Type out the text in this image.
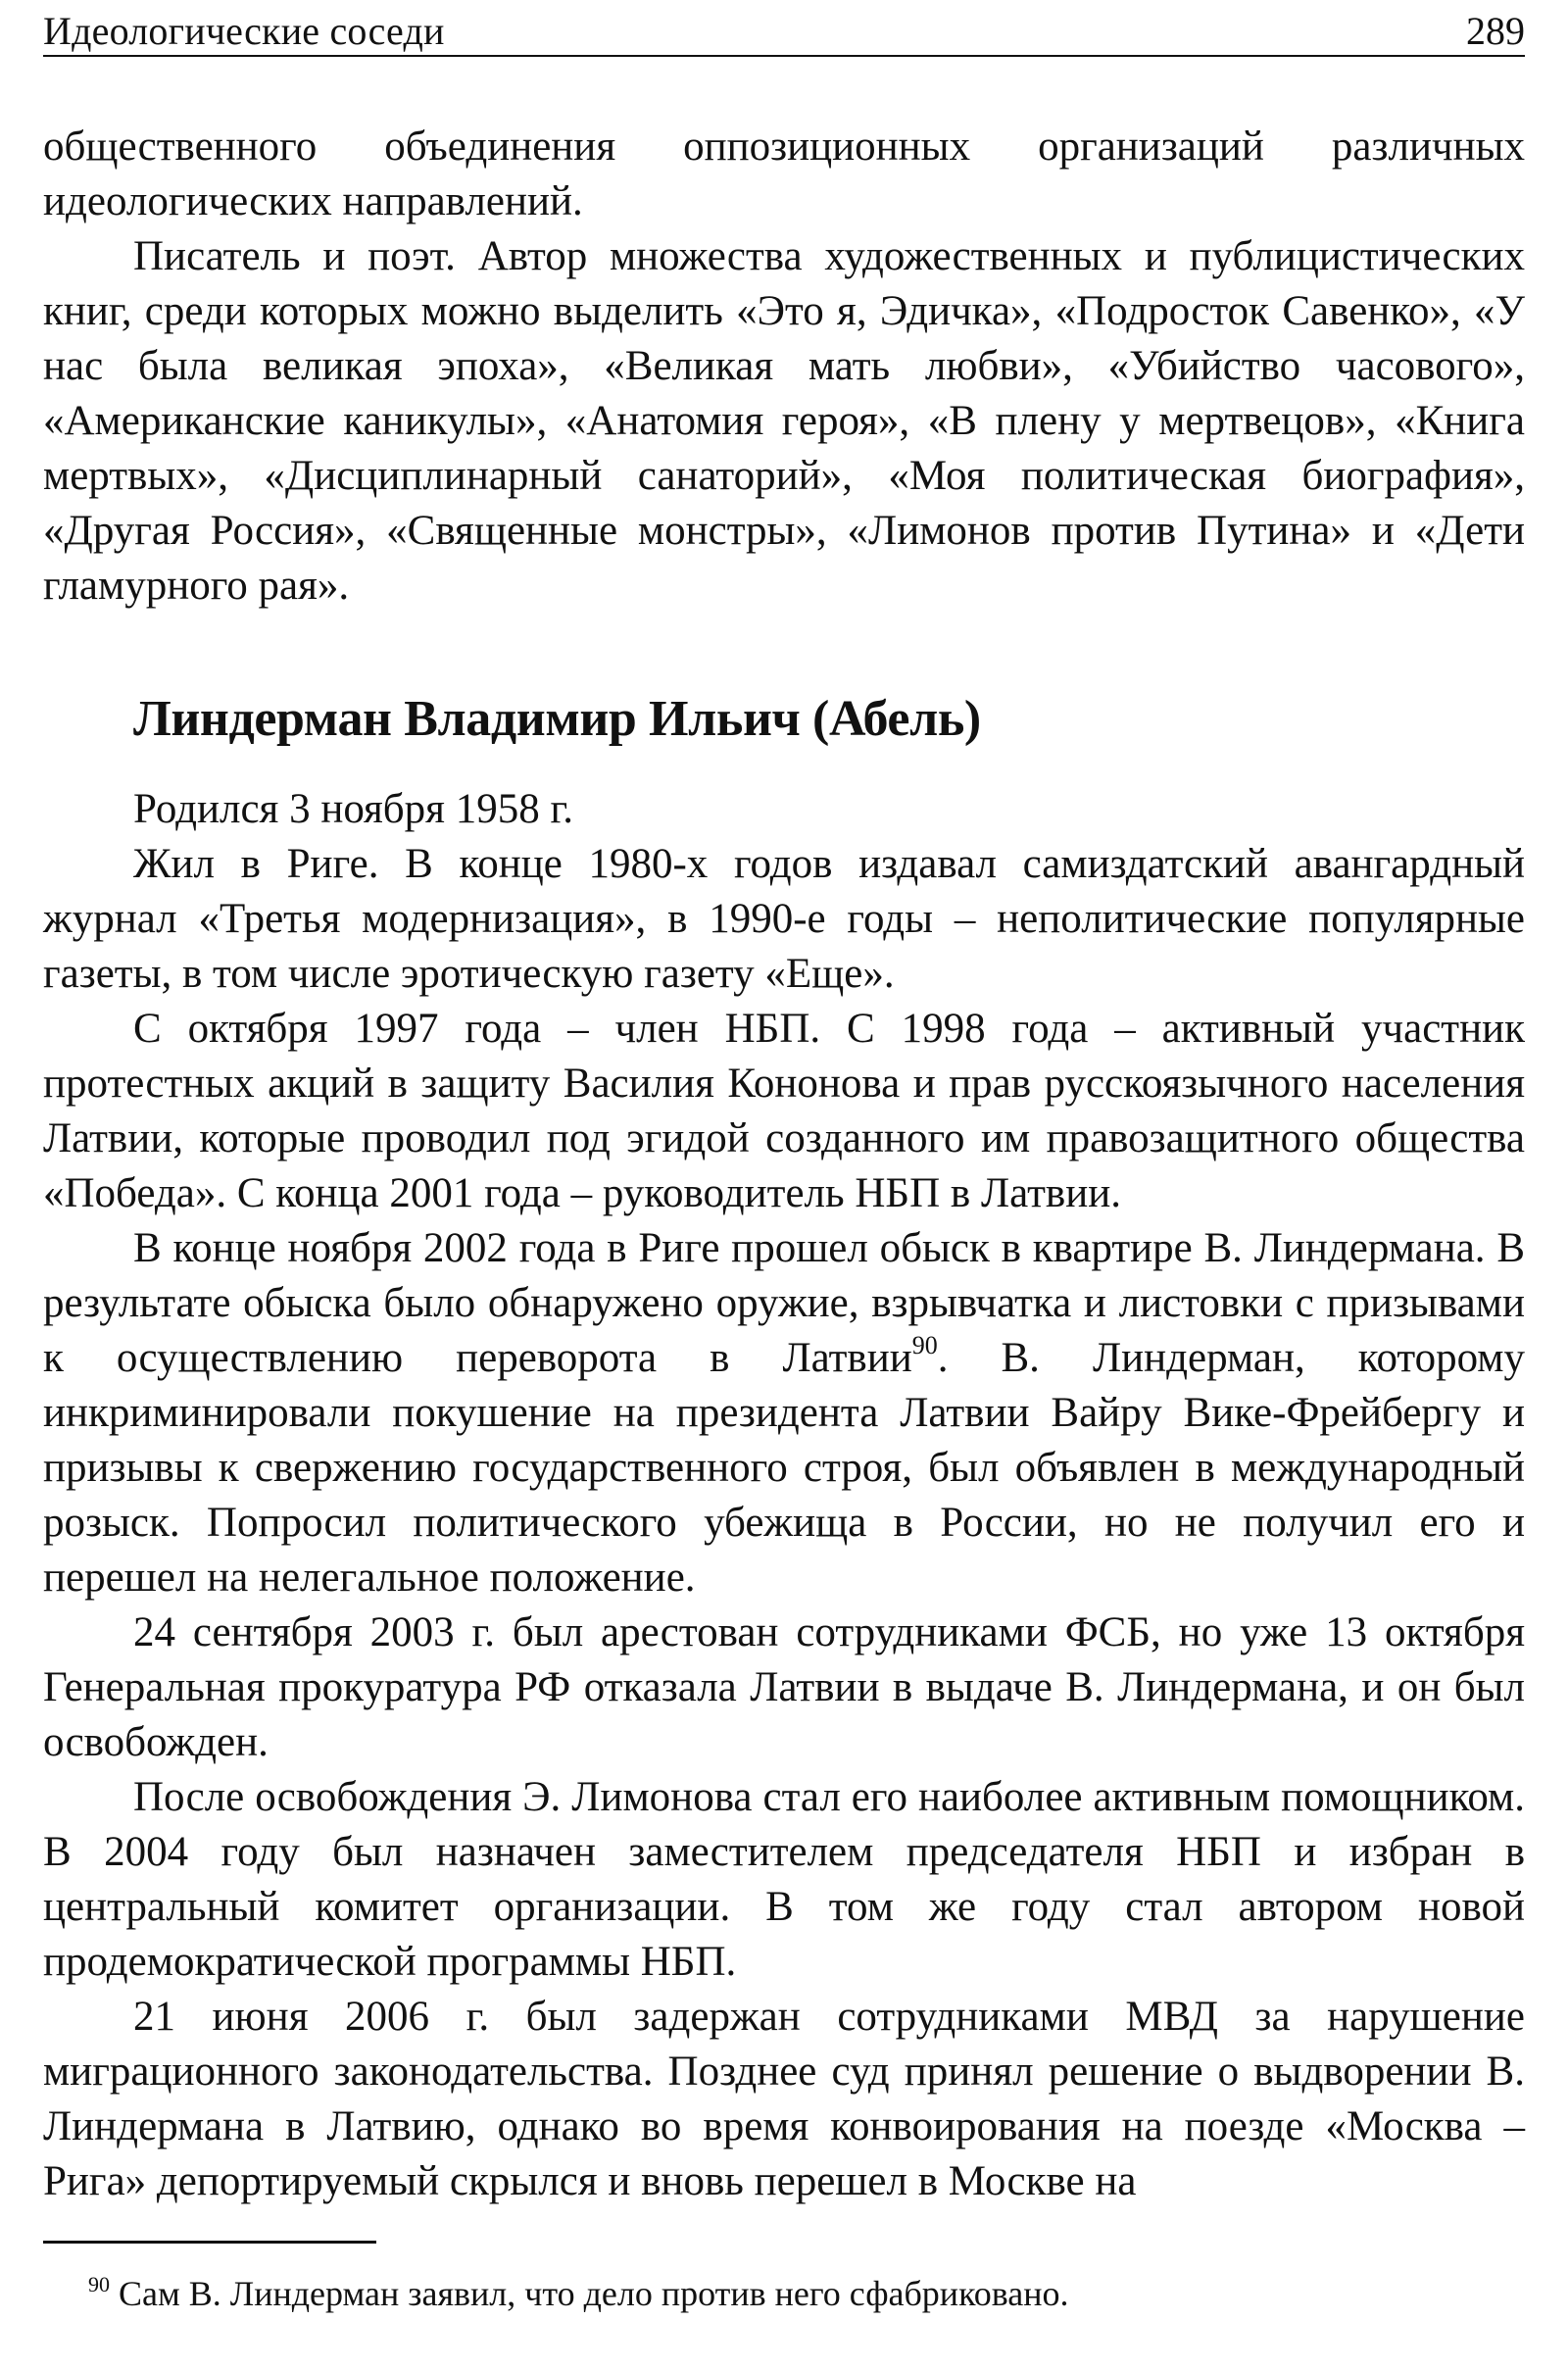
Идеологические соседи	289

общественного объединения оппозиционных организаций различных идеологических направлений.

Писатель и поэт. Автор множества художественных и публицистических книг, среди которых можно выделить «Это я, Эдичка», «Подросток Савенко», «У нас была великая эпоха», «Великая мать любви», «Убийство часового», «Американские каникулы», «Анатомия героя», «В плену у мертвецов», «Книга мертвых», «Дисциплинарный санаторий», «Моя политическая биография», «Другая Россия», «Священные монстры», «Лимонов против Путина» и «Дети гламурного рая».

Линдерман Владимир Ильич (Абель)

Родился 3 ноября 1958 г.

Жил в Риге. В конце 1980-х годов издавал самиздатский авангардный журнал «Третья модернизация», в 1990-е годы – неполитические популярные газеты, в том числе эротическую газету «Еще».

С октября 1997 года – член НБП. С 1998 года – активный участник протестных акций в защиту Василия Кононова и прав русскоязычного населения Латвии, которые проводил под эгидой созданного им правозащитного общества «Победа». С конца 2001 года – руководитель НБП в Латвии.

В конце ноября 2002 года в Риге прошел обыск в квартире В. Линдермана. В результате обыска было обнаружено оружие, взрывчатка и листовки с призывами к осуществлению переворота в Латвии$^{90}$. В. Линдерман, которому инкриминировали покушение на президента Латвии Вайру Вике-Фрейбергу и призывы к свержению государственного строя, был объявлен в международный розыск. Попросил политического убежища в России, но не получил его и перешел на нелегальное положение.

24 сентября 2003 г. был арестован сотрудниками ФСБ, но уже 13 октября Генеральная прокуратура РФ отказала Латвии в выдаче В. Линдермана, и он был освобожден.

После освобождения Э. Лимонова стал его наиболее активным помощником. В 2004 году был назначен заместителем председателя НБП и избран в центральный комитет организации. В том же году стал автором новой продемократической программы НБП.

21 июня 2006 г. был задержан сотрудниками МВД за нарушение миграционного законодательства. Позднее суд принял решение о выдворении В. Линдермана в Латвию, однако во время конвоирования на поезде «Москва – Рига» депортируемый скрылся и вновь перешел в Москве на

$^{90}$ Сам В. Линдерман заявил, что дело против него сфабриковано.
